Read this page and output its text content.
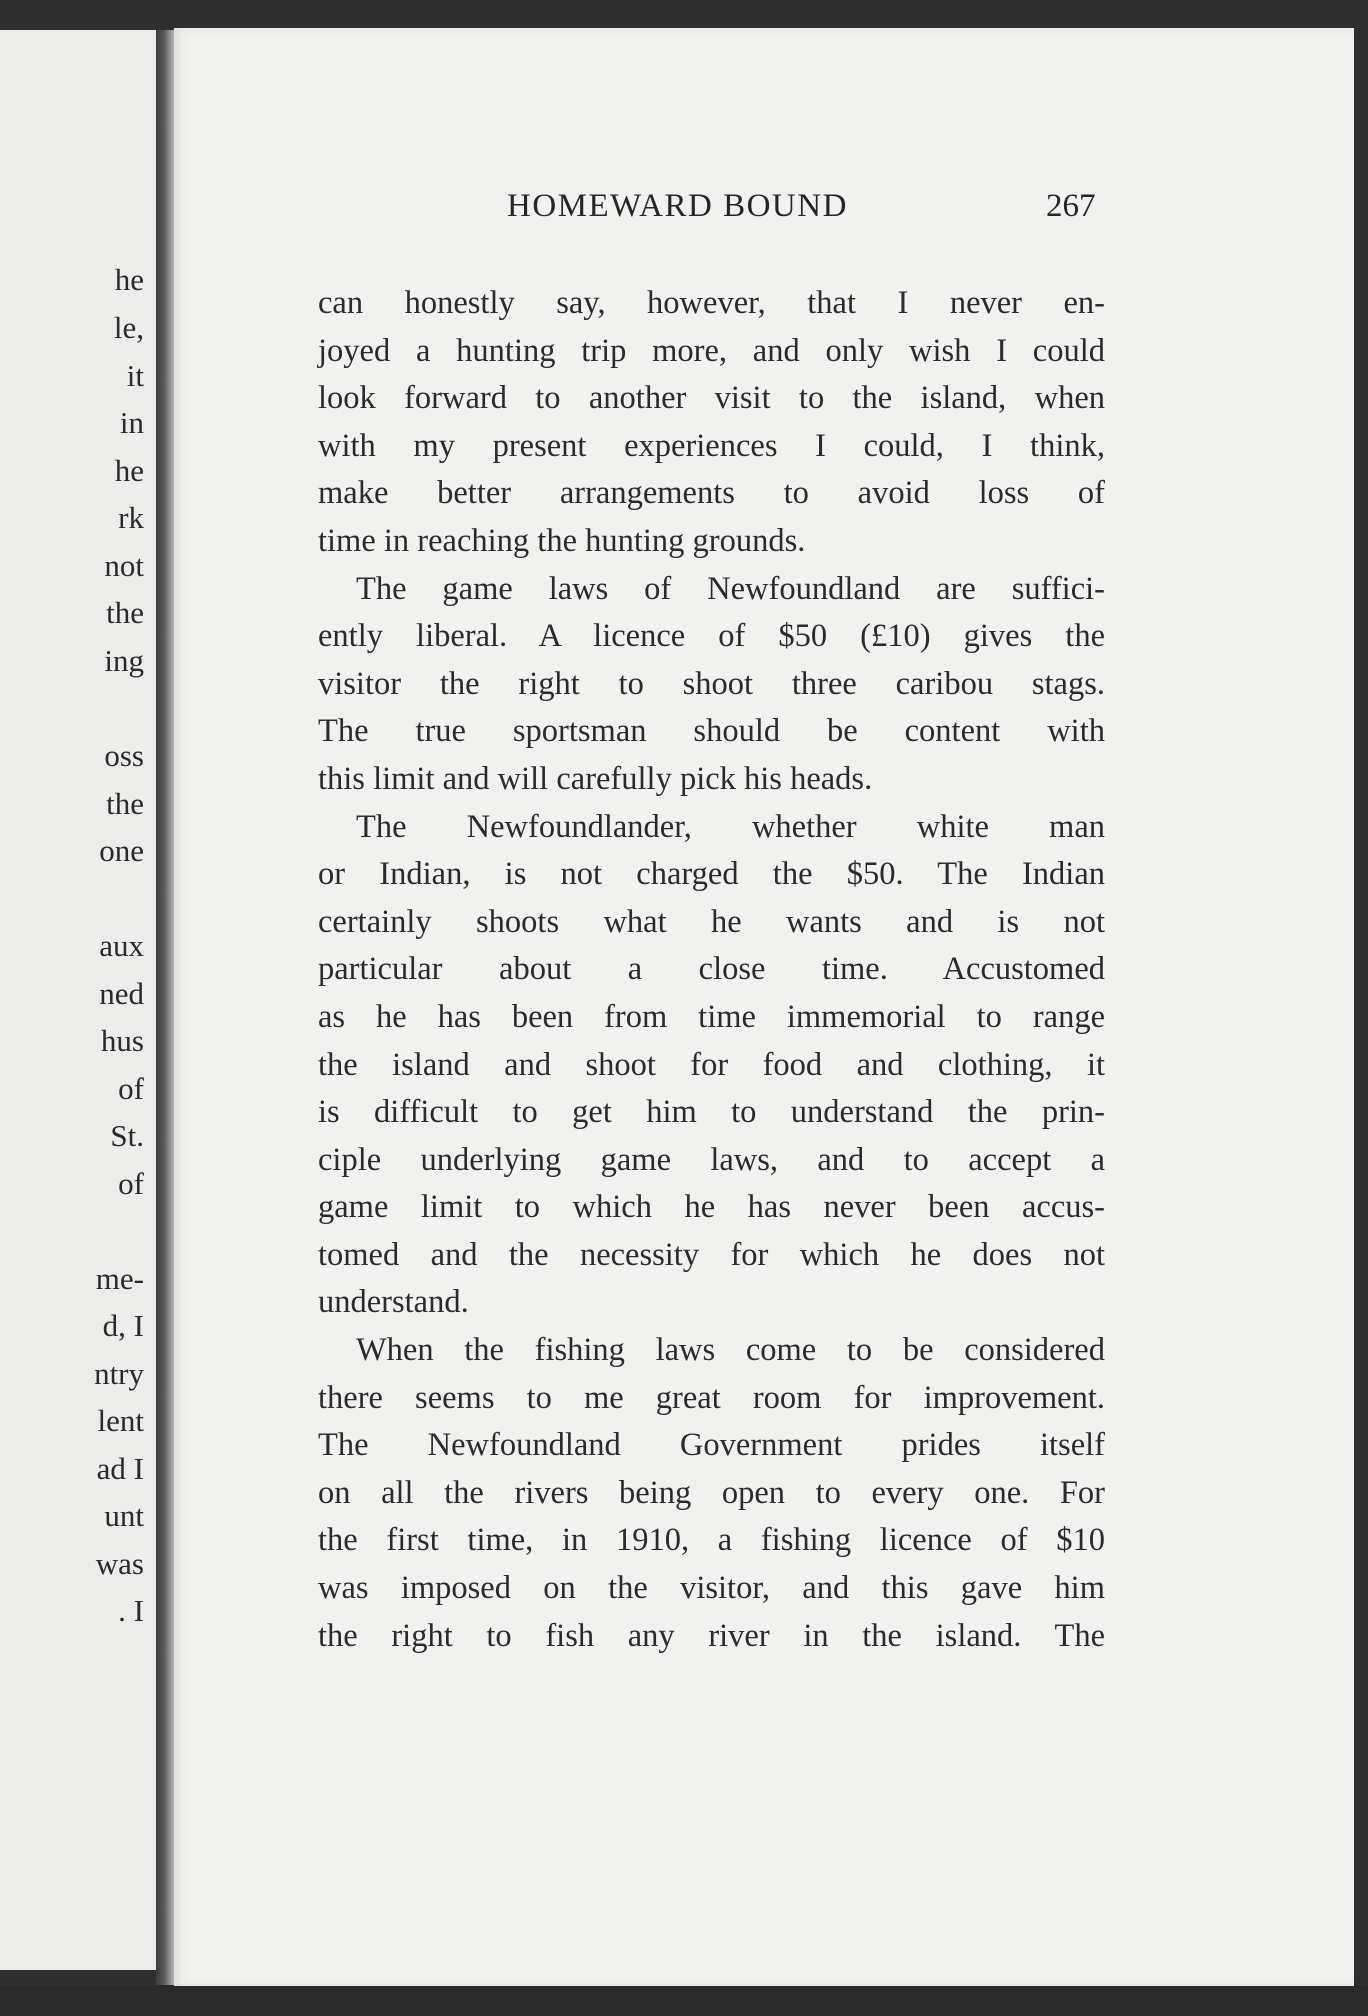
he
le,
it
in
he
rk
not
the
ing
oss
the
one
aux
ned
hus
of
St.
of
me-
d, I
ntry
lent
ad I
unt
was
. I
HOMEWARD BOUND	267
can honestly say, however, that I never en-
joyed a hunting trip more, and only wish I could
look forward to another visit to the island, when
with my present experiences I could, I think,
make better arrangements to avoid loss of
time in reaching the hunting grounds.
The game laws of Newfoundland are suffici-
ently liberal. A licence of $50 (£10) gives the
visitor the right to shoot three caribou stags.
The true sportsman should be content with
this limit and will carefully pick his heads.
The Newfoundlander, whether white man
or Indian, is not charged the $50. The Indian
certainly shoots what he wants and is not
particular about a close time. Accustomed
as he has been from time immemorial to range
the island and shoot for food and clothing, it
is difficult to get him to understand the prin-
ciple underlying game laws, and to accept a
game limit to which he has never been accus-
tomed and the necessity for which he does not
understand.
When the fishing laws come to be considered
there seems to me great room for improvement.
The Newfoundland Government prides itself
on all the rivers being open to every one. For
the first time, in 1910, a fishing licence of $10
was imposed on the visitor, and this gave him
the right to fish any river in the island. The
